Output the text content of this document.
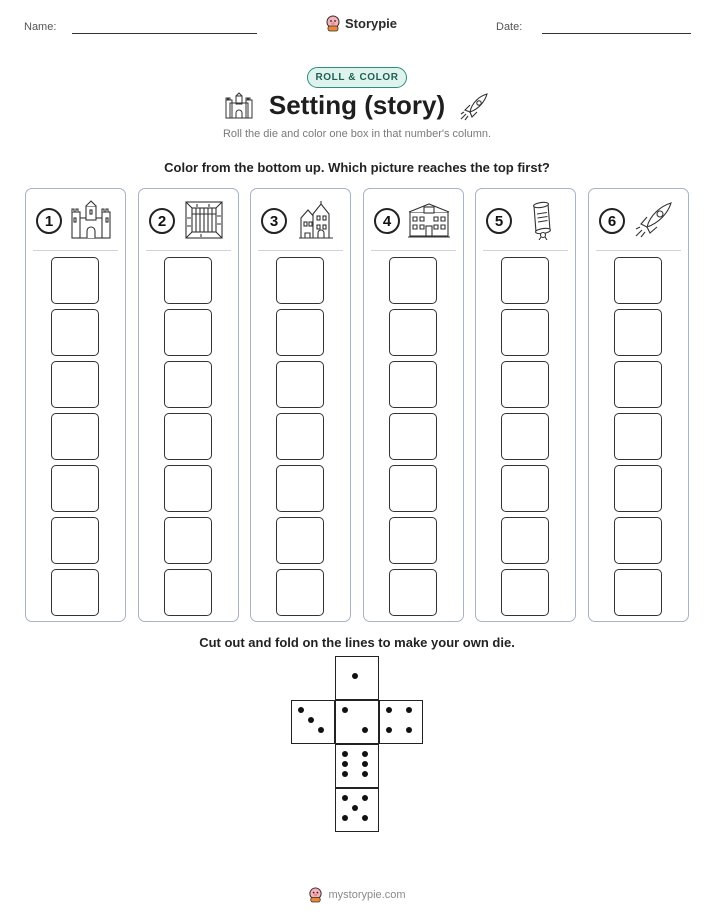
Name:	Storypie	Date:
ROLL & COLOR
Setting (story)
Roll the die and color one box in that number's column.
Color from the bottom up. Which picture reaches the top first?
1	2	3	4	5	6
Cut out and fold on the lines to make your own die.
mystorypie.com
